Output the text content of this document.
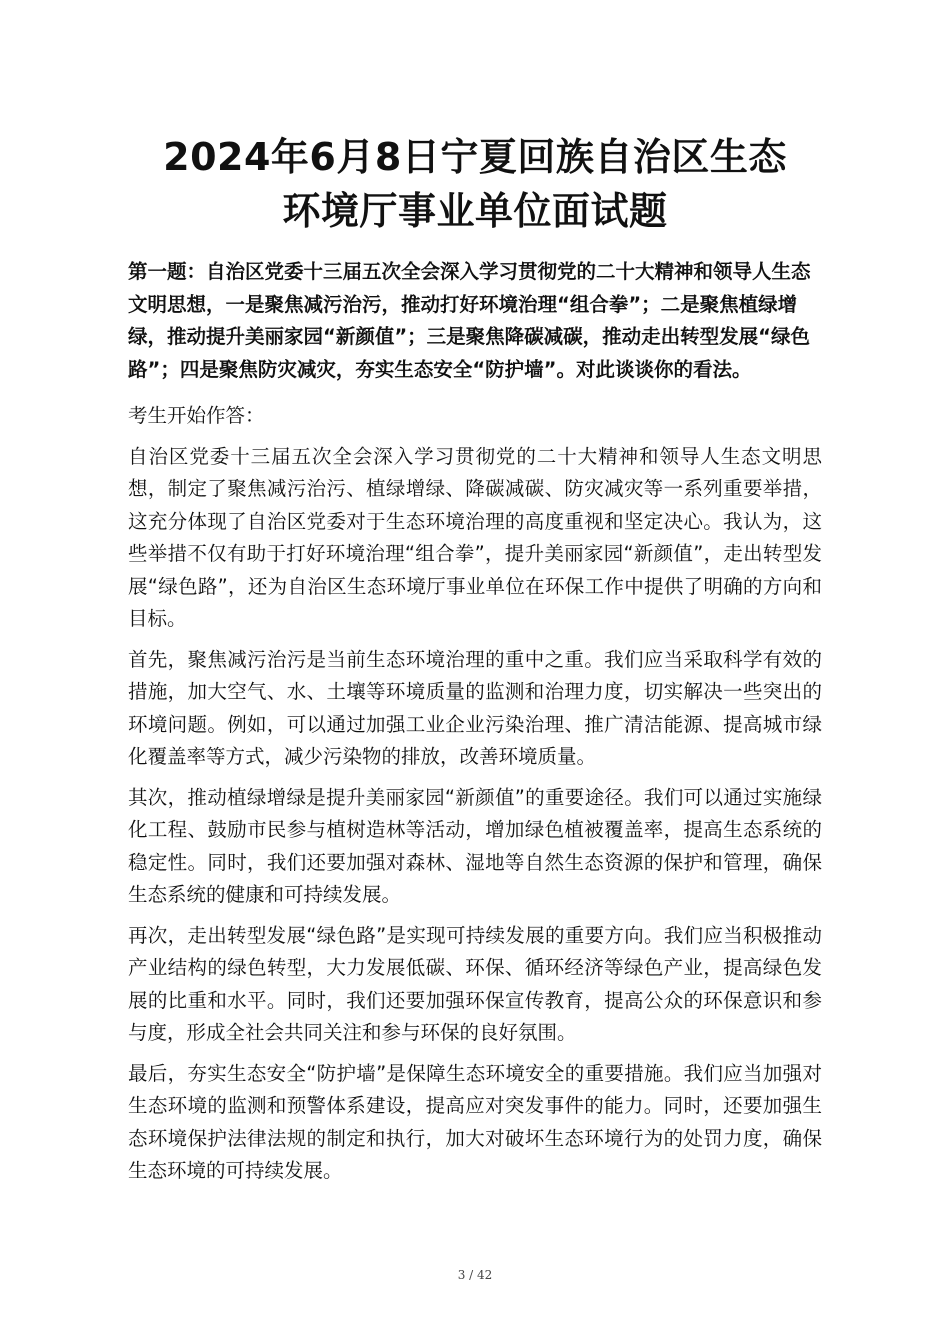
2024年6月8日宁夏回族自治区生态
环境厅事业单位面试题

第一题：自治区党委十三届五次全会深入学习贯彻党的二十大精神和领导人生态文明思想，一是聚焦减污治污，推动打好环境治理“组合拳”；二是聚焦植绿增绿，推动提升美丽家园“新颜值”；三是聚焦降碳减碳，推动走出转型发展“绿色路”；四是聚焦防灾减灾，夯实生态安全“防护墙”。对此谈谈你的看法。

考生开始作答：

自治区党委十三届五次全会深入学习贯彻党的二十大精神和领导人生态文明思想，制定了聚焦减污治污、植绿增绿、降碳减碳、防灾减灾等一系列重要举措，这充分体现了自治区党委对于生态环境治理的高度重视和坚定决心。我认为，这些举措不仅有助于打好环境治理“组合拳”，提升美丽家园“新颜值”，走出转型发展“绿色路”，还为自治区生态环境厅事业单位在环保工作中提供了明确的方向和目标。

首先，聚焦减污治污是当前生态环境治理的重中之重。我们应当采取科学有效的措施，加大空气、水、土壤等环境质量的监测和治理力度，切实解决一些突出的环境问题。例如，可以通过加强工业企业污染治理、推广清洁能源、提高城市绿化覆盖率等方式，减少污染物的排放，改善环境质量。

其次，推动植绿增绿是提升美丽家园“新颜值”的重要途径。我们可以通过实施绿化工程、鼓励市民参与植树造林等活动，增加绿色植被覆盖率，提高生态系统的稳定性。同时，我们还要加强对森林、湿地等自然生态资源的保护和管理，确保生态系统的健康和可持续发展。

再次，走出转型发展“绿色路”是实现可持续发展的重要方向。我们应当积极推动产业结构的绿色转型，大力发展低碳、环保、循环经济等绿色产业，提高绿色发展的比重和水平。同时，我们还要加强环保宣传教育，提高公众的环保意识和参与度，形成全社会共同关注和参与环保的良好氛围。

最后，夯实生态安全“防护墙”是保障生态环境安全的重要措施。我们应当加强对生态环境的监测和预警体系建设，提高应对突发事件的能力。同时，还要加强生态环境保护法律法规的制定和执行，加大对破坏生态环境行为的处罚力度，确保生态环境的可持续发展。

3 / 42
